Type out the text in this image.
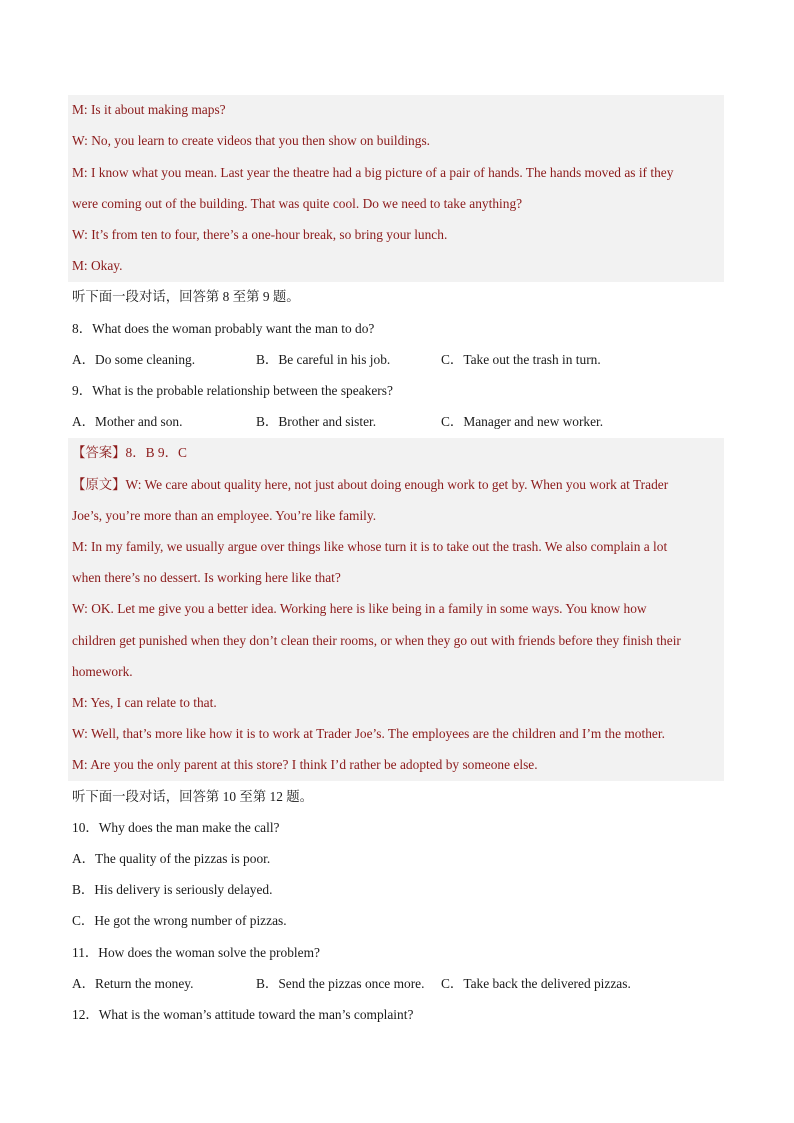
M: Is it about making maps?
W: No, you learn to create videos that you then show on buildings.
M: I know what you mean. Last year the theatre had a big picture of a pair of hands. The hands moved as if they
were coming out of the building. That was quite cool. Do we need to take anything?
W: It’s from ten to four, there’s a one-hour break, so bring your lunch.
M: Okay.
听下面一段对话，回答第 8 至第 9 题。
8．What does the woman probably want the man to do?
A．Do some cleaning.	B．Be careful in his job.	C．Take out the trash in turn.
9．What is the probable relationship between the speakers?
A．Mother and son.	B．Brother and sister.	C．Manager and new worker.
【答案】8．B 9．C
【原文】W: We care about quality here, not just about doing enough work to get by. When you work at Trader
Joe’s, you’re more than an employee. You’re like family.
M: In my family, we usually argue over things like whose turn it is to take out the trash. We also complain a lot
when there’s no dessert. Is working here like that?
W: OK. Let me give you a better idea. Working here is like being in a family in some ways. You know how
children get punished when they don’t clean their rooms, or when they go out with friends before they finish their
homework.
M: Yes, I can relate to that.
W: Well, that’s more like how it is to work at Trader Joe’s. The employees are the children and I’m the mother.
M: Are you the only parent at this store? I think I’d rather be adopted by someone else.
听下面一段对话，回答第 10 至第 12 题。
10．Why does the man make the call?
A．The quality of the pizzas is poor.
B．His delivery is seriously delayed.
C．He got the wrong number of pizzas.
11．How does the woman solve the problem?
A．Return the money.	B．Send the pizzas once more. C．Take back the delivered pizzas.
12．What is the woman’s attitude toward the man’s complaint?
